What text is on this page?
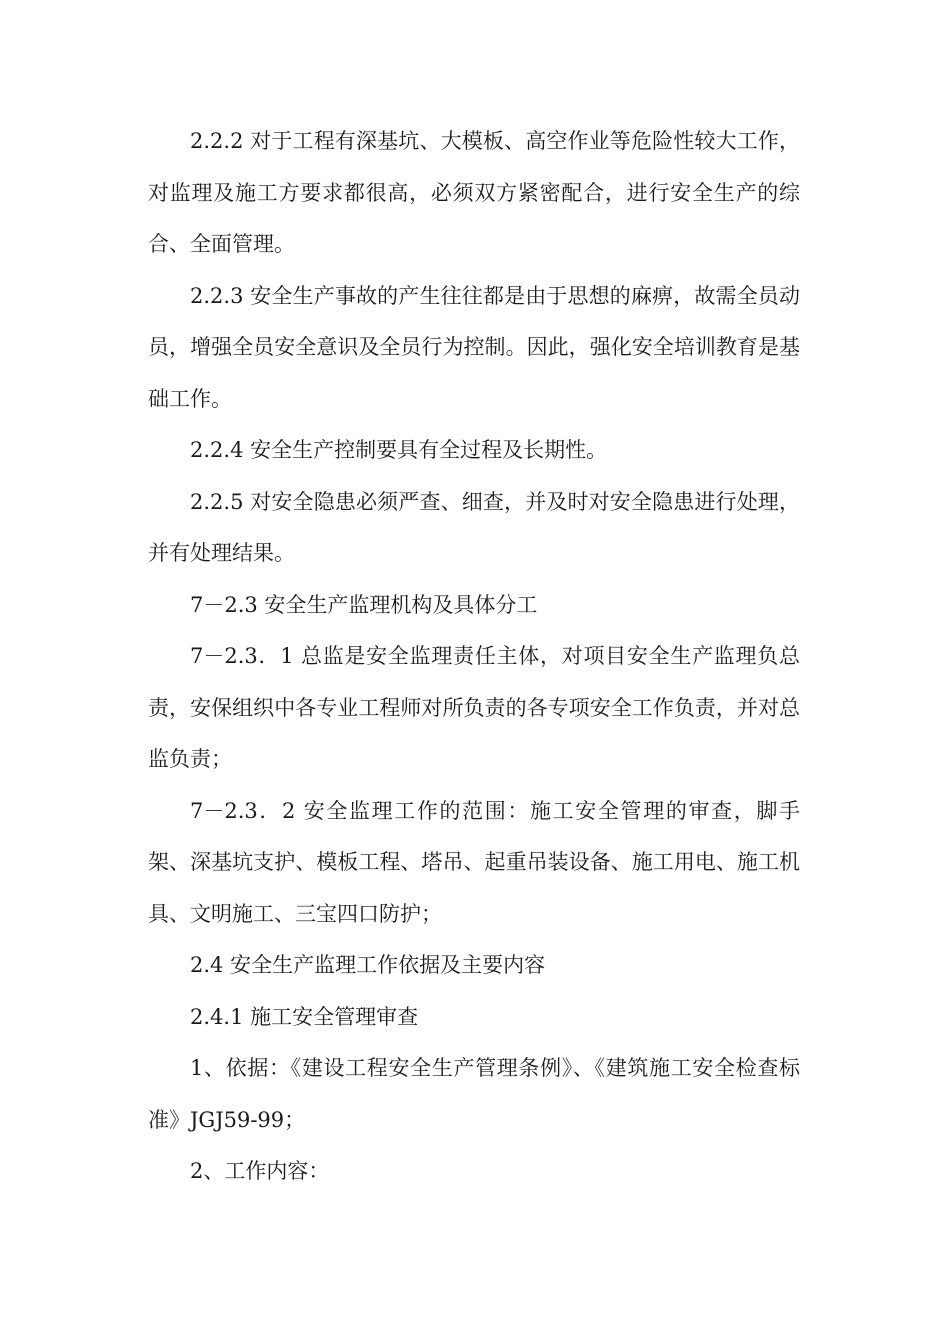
2.2.2 对于工程有深基坑、大模板、高空作业等危险性较大工作，对监理及施工方要求都很高，必须双方紧密配合，进行安全生产的综合、全面管理。

2.2.3 安全生产事故的产生往往都是由于思想的麻痹，故需全员动员，增强全员安全意识及全员行为控制。因此，强化安全培训教育是基础工作。

2.2.4 安全生产控制要具有全过程及长期性。

2.2.5 对安全隐患必须严查、细查，并及时对安全隐患进行处理，并有处理结果。

7－2.3 安全生产监理机构及具体分工

7－2.3．1 总监是安全监理责任主体，对项目安全生产监理负总责，安保组织中各专业工程师对所负责的各专项安全工作负责，并对总监负责；

7－2.3．2 安全监理工作的范围：施工安全管理的审查，脚手架、深基坑支护、模板工程、塔吊、起重吊装设备、施工用电、施工机具、文明施工、三宝四口防护；

2.4 安全生产监理工作依据及主要内容

2.4.1 施工安全管理审查

1、依据：《建设工程安全生产管理条例》、《建筑施工安全检查标准》JGJ59-99；

2、工作内容：
